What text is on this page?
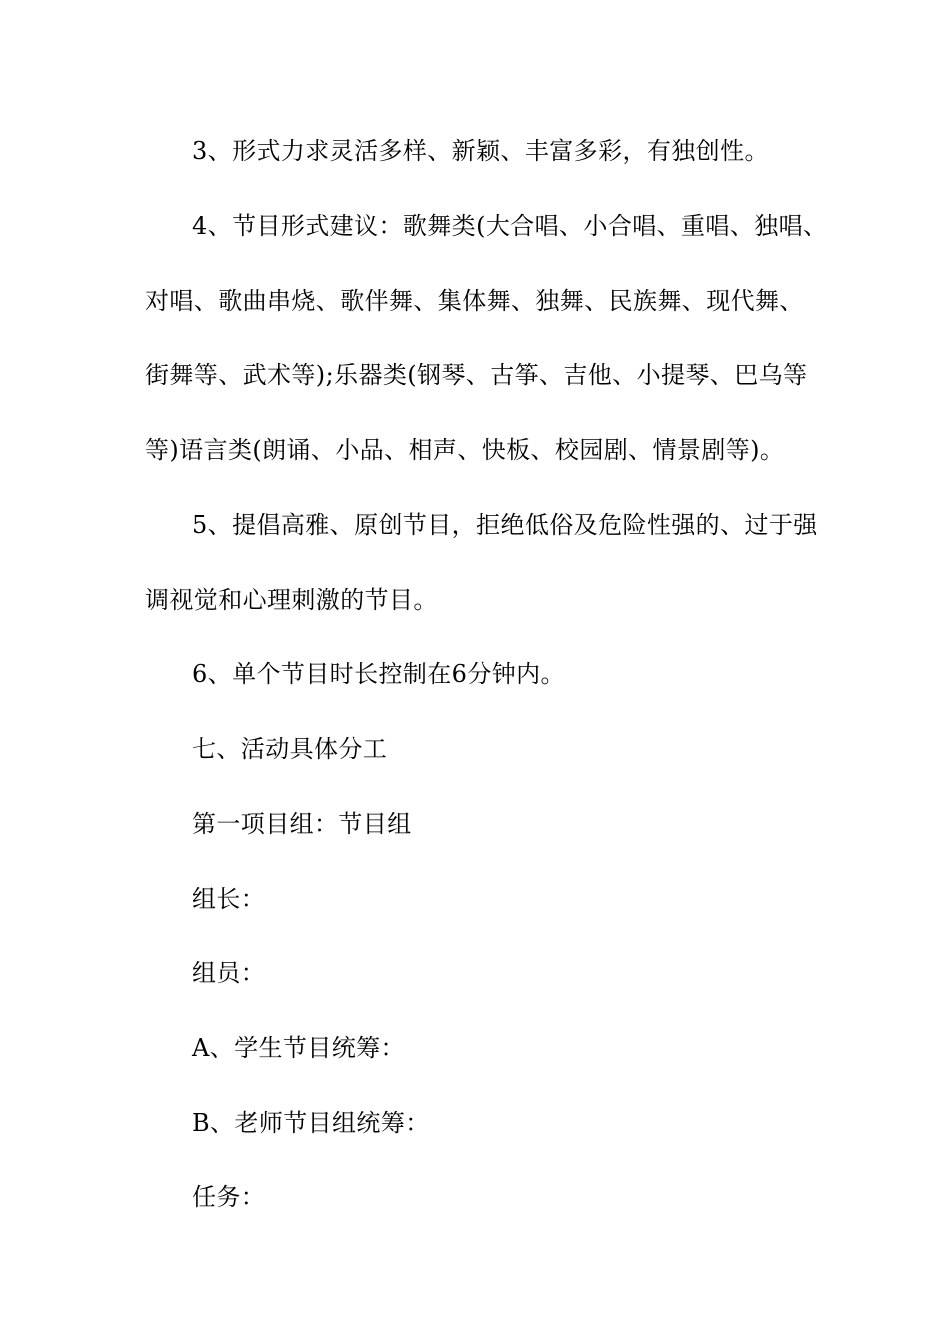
3、形式力求灵活多样、新颖、丰富多彩，有独创性。
4、节目形式建议：歌舞类(大合唱、小合唱、重唱、独唱、
对唱、歌曲串烧、歌伴舞、集体舞、独舞、民族舞、现代舞、
街舞等、武术等);乐器类(钢琴、古筝、吉他、小提琴、巴乌等
等)语言类(朗诵、小品、相声、快板、校园剧、情景剧等)。
5、提倡高雅、原创节目，拒绝低俗及危险性强的、过于强
调视觉和心理刺激的节目。
6、单个节目时长控制在6分钟内。
七、活动具体分工
第一项目组：节目组
组长：
组员：
A、学生节目统筹：
B、老师节目组统筹：
任务：
